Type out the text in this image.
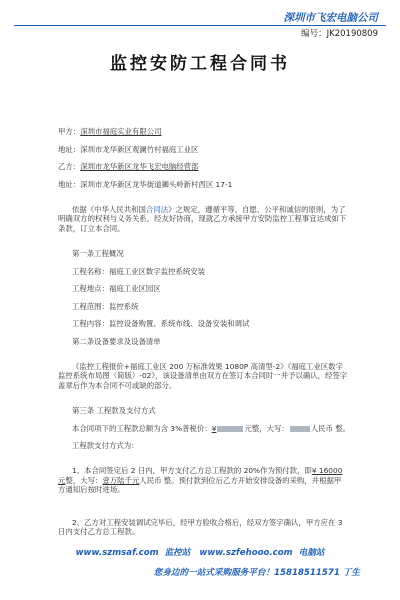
深圳市飞宏电脑公司
编号：JK20190809
监控安防工程合同书

甲方：深圳市福庭实业有限公司

地址：深圳市龙华新区观澜竹村福庭工业区

乙方：深圳市龙华新区龙华飞宏电脑经营部

地址：深圳市龙华新区龙华街道狮头岭新村西区 17-1

依据《中华人民共和国合同法》之规定，遵循平等、自愿、公平和诚信的原则，为了明确双方的权利与义务关系，经友好协商，现就乙方承接甲方安防监控工程事宜达成如下条款，订立本合同。

第一条工程概况

工程名称：福庭工业区数字监控系统安装

工程地点：福庭工业区园区

工程范围：监控系统

工程内容：监控设备购置、系统布线、设备安装和调试

第二条设备要求及设备清单

《监控工程报价+福庭工业区 200 万标准效果 1080P 高清型-2》《福庭工业区数字监控系统布局图（简版）-02》，该设备清单由双方在签订本合同时一并予以确认，经签字盖章后作为本合同不可或缺的部分。

第三条 工程款及支付方式

本合同项下的工程款总额为含 3%普税价：¥	元整，大写：	人民币 整。

工程款支付方式为：

1、本合同签定后 2 日内，甲方支付乙方总工程款的 20%作为预付款，即¥ 16000 元整，大写：壹万陆千元人民币 整。预付款到位后乙方开始安排设备的采购，并根据甲方通知后按时进场。

2、乙方对工程安装调试完毕后，经甲方验收合格后，经双方签字确认，甲方应在 3 日内支付乙方总工程款。

www.szmsaf.com 监控站 www.szfehooo.com 电脑站
您身边的一站式采购服务平台！15818511571 丁生
